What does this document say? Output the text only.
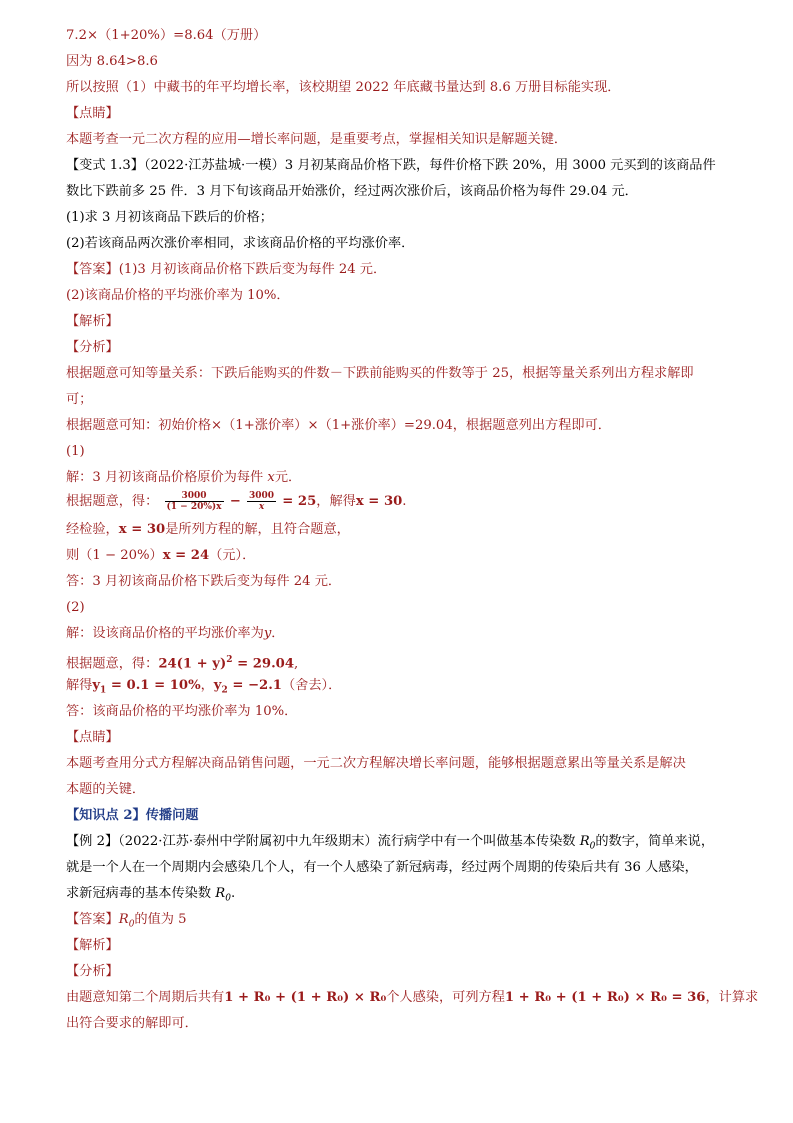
7.2×（1+20%）=8.64（万册）
因为 8.64>8.6
所以按照（1）中藏书的年平均增长率，该校期望 2022 年底藏书量达到 8.6 万册目标能实现．
【点睛】
本题考查一元二次方程的应用—增长率问题，是重要考点，掌握相关知识是解题关键．
【变式 1.3】（2022·江苏盐城·一模）3 月初某商品价格下跌，每件价格下跌 20%，用 3000 元买到的该商品件
数比下跌前多 25 件．3 月下旬该商品开始涨价，经过两次涨价后，该商品价格为每件 29.04 元．
(1)求 3 月初该商品下跌后的价格；
(2)若该商品两次涨价率相同，求该商品价格的平均涨价率．
【答案】(1)3 月初该商品价格下跌后变为每件 24 元．
(2)该商品价格的平均涨价率为 10%．
【解析】
【分析】
根据题意可知等量关系：下跌后能购买的件数－下跌前能购买的件数等于 25，根据等量关系列出方程求解即
可；
根据题意可知：初始价格×（1+涨价率）×（1+涨价率）=29.04，根据题意列出方程即可．
(1)
解：3 月初该商品价格原价为每件 x元．
根据题意，得： $\frac{3000}{(1 - 20\%)x} - \frac{3000}{x} = 25$，解得x = 30.
经检验，x = 30是所列方程的解，且符合题意，
则（1 − 20%）x = 24（元）．
答：3 月初该商品价格下跌后变为每件 24 元．
(2)
解：设该商品价格的平均涨价率为y．
根据题意，得：$24(1 + y)^2 = 29.04$,
解得$y_1 = 0.1 = 10\%$，$y_2 = -2.1$（舍去）．
答：该商品价格的平均涨价率为 10%．
【点睛】
本题考查用分式方程解决商品销售问题，一元二次方程解决增长率问题，能够根据题意累出等量关系是解决
本题的关键．
【知识点 2】传播问题
【例 2】（2022·江苏·泰州中学附属初中九年级期末）流行病学中有一个叫做基本传染数 $R_0$的数字，简单来说，
就是一个人在一个周期内会感染几个人，有一个人感染了新冠病毒，经过两个周期的传染后共有 36 人感染，
求新冠病毒的基本传染数 $R_0$.
【答案】$R_0$的值为 5
【解析】
【分析】
由题意知第二个周期后共有1 + R₀ + (1 + R₀) × R₀个人感染，可列方程1 + R₀ + (1 + R₀) × R₀ = 36，计算求
出符合要求的解即可．
